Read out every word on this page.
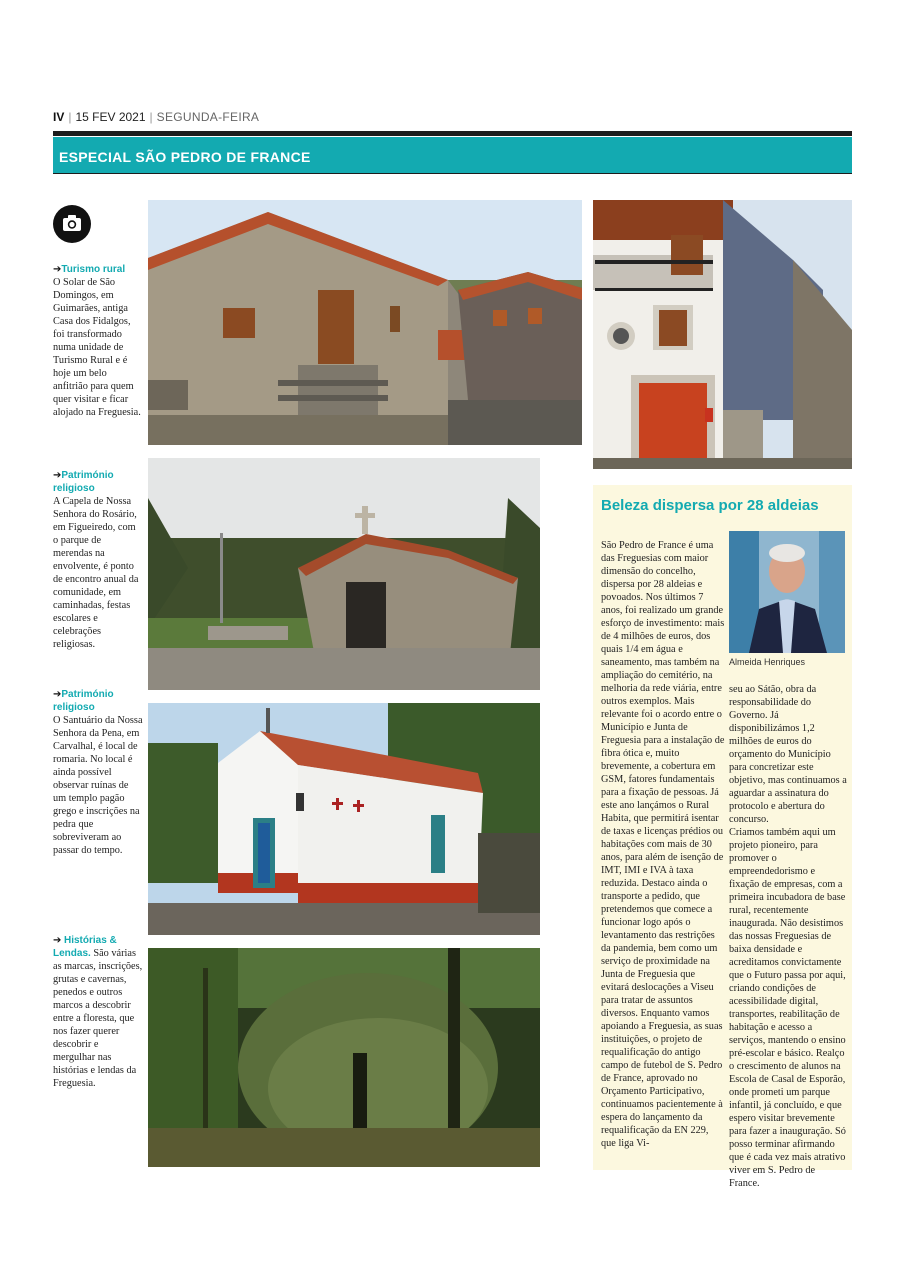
IV | 15 FEV 2021 | SEGUNDA-FEIRA
ESPECIAL SÃO PEDRO DE FRANCE
➔Turismo rural
O Solar de São Domingos, em Guimarães, antiga Casa dos Fidalgos, foi transformado numa unidade de Turismo Rural e é hoje um belo anfitrião para quem quer visitar e ficar alojado na Freguesia.
➔Património religioso
A Capela de Nossa Senhora do Rosário, em Figueiredo, com o parque de merendas na envolvente, é ponto de encontro anual da comunidade, em caminhadas, festas escolares e celebrações religiosas.
➔Património religioso
O Santuário da Nossa Senhora da Pena, em Carvalhal, é local de romaria. No local é ainda possível observar ruínas de um templo pagão grego e inscrições na pedra que sobreviveram ao passar do tempo.
➔ Histórias & Lendas. São várias as marcas, inscrições, grutas e cavernas, penedos e outros marcos a descobrir entre a floresta, que nos fazer querer descobrir e mergulhar nas histórias e lendas da Freguesia.
Beleza dispersa por 28 aldeias

São Pedro de France é uma das Freguesias com maior dimensão do concelho, dispersa por 28 aldeias e povoados. Nos últimos 7 anos, foi realizado um grande esforço de investimento: mais de 4 milhões de euros, dos quais 1/4 em água e saneamento, mas também na ampliação do cemitério, na melhoria da rede viária, entre outros exemplos. Mais relevante foi o acordo entre o Município e Junta de Freguesia para a instalação de fibra ótica e, muito brevemente, a cobertura em GSM, fatores fundamentais para a fixação de pessoas. Já este ano lançámos o Rural Habita, que permitirá isentar de taxas e licenças prédios ou habitações com mais de 30 anos, para além de isenção de IMT, IMI e IVA à taxa reduzida. Destaco ainda o transporte a pedido, que pretendemos que comece a funcionar logo após o levantamento das restrições da pandemia, bem como um serviço de proximidade na Junta de Freguesia que evitará deslocações a Viseu para tratar de assuntos diversos. Enquanto vamos apoiando a Freguesia, as suas instituições, o projeto de requalificação do antigo campo de futebol de S. Pedro de France, aprovado no Orçamento Participativo, continuamos pacientemente à espera do lançamento da requalificação da EN 229, que liga Vi-

Almeida Henriques

seu ao Sátão, obra da responsabilidade do Governo. Já disponibilizámos 1,2 milhões de euros do orçamento do Município para concretizar este objetivo, mas continuamos a aguardar a assinatura do protocolo e abertura do concurso.

Criamos também aqui um projeto pioneiro, para promover o empreendedorismo e fixação de empresas, com a primeira incubadora de base rural, recentemente inaugurada. Não desistimos das nossas Freguesias de baixa densidade e acreditamos convictamente que o Futuro passa por aqui, criando condições de acessibilidade digital, transportes, reabilitação de habitação e acesso a serviços, mantendo o ensino pré-escolar e básico. Realço o crescimento de alunos na Escola de Casal de Esporão, onde prometi um parque infantil, já concluído, e que espero visitar brevemente para fazer a inauguração. Só posso terminar afirmando que é cada vez mais atrativo viver em S. Pedro de France.
